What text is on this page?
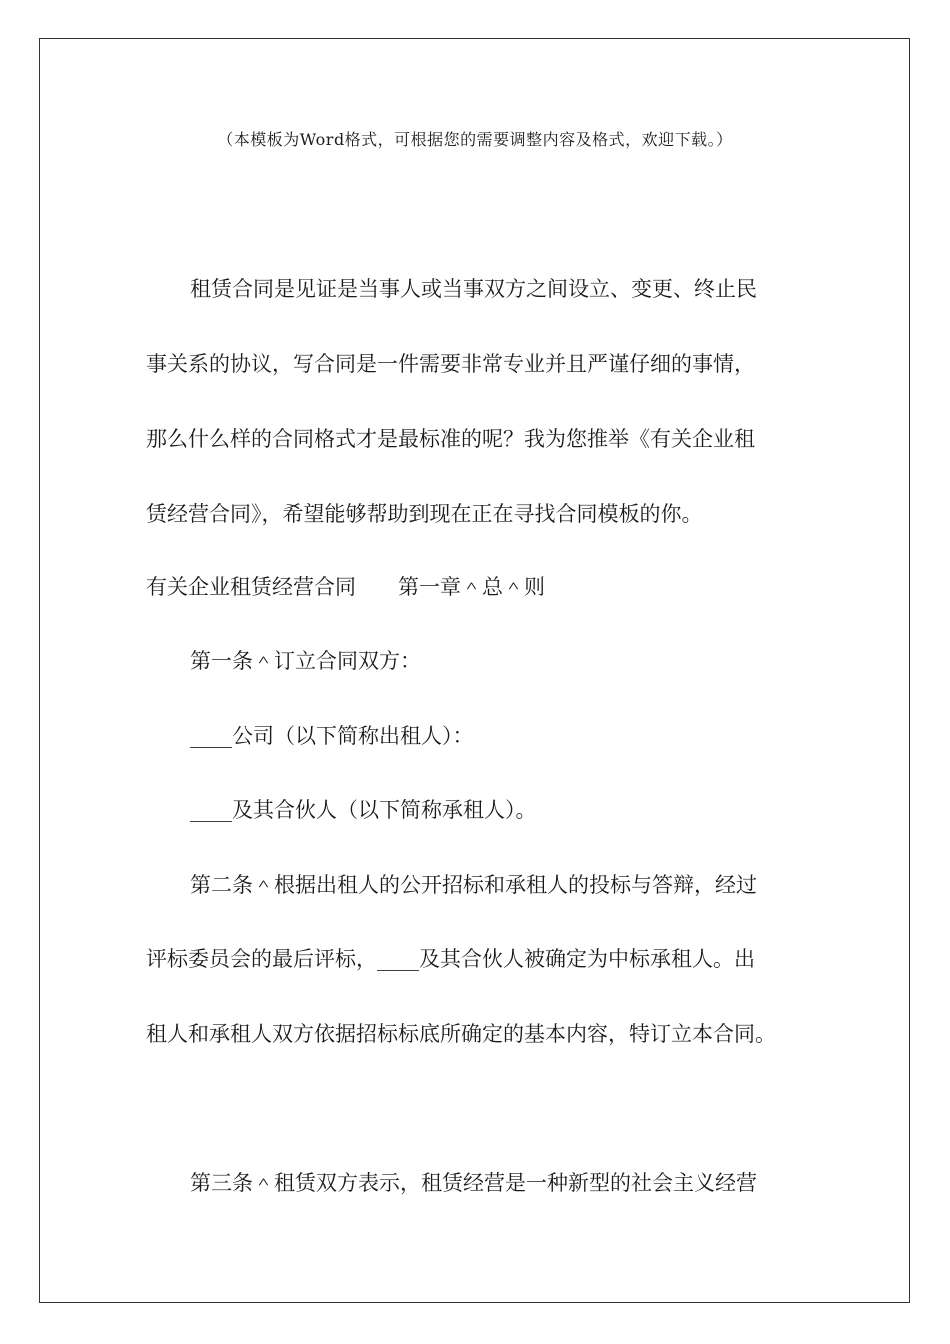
（本模板为Word格式，可根据您的需要调整内容及格式，欢迎下载。）
租赁合同是见证是当事人或当事双方之间设立、变更、终止民
事关系的协议，写合同是一件需要非常专业并且严谨仔细的事情，
那么什么样的合同格式才是最标准的呢？我为您推举《有关企业租
赁经营合同》，希望能够帮助到现在正在寻找合同模板的你。
有关企业租赁经营合同　　第一章＾总＾则
第一条＾订立合同双方：
____公司（以下简称出租人）：
____及其合伙人（以下简称承租人）。
第二条＾根据出租人的公开招标和承租人的投标与答辩，经过
评标委员会的最后评标，____及其合伙人被确定为中标承租人。出
租人和承租人双方依据招标标底所确定的基本内容，特订立本合同。
第三条＾租赁双方表示，租赁经营是一种新型的社会主义经营
